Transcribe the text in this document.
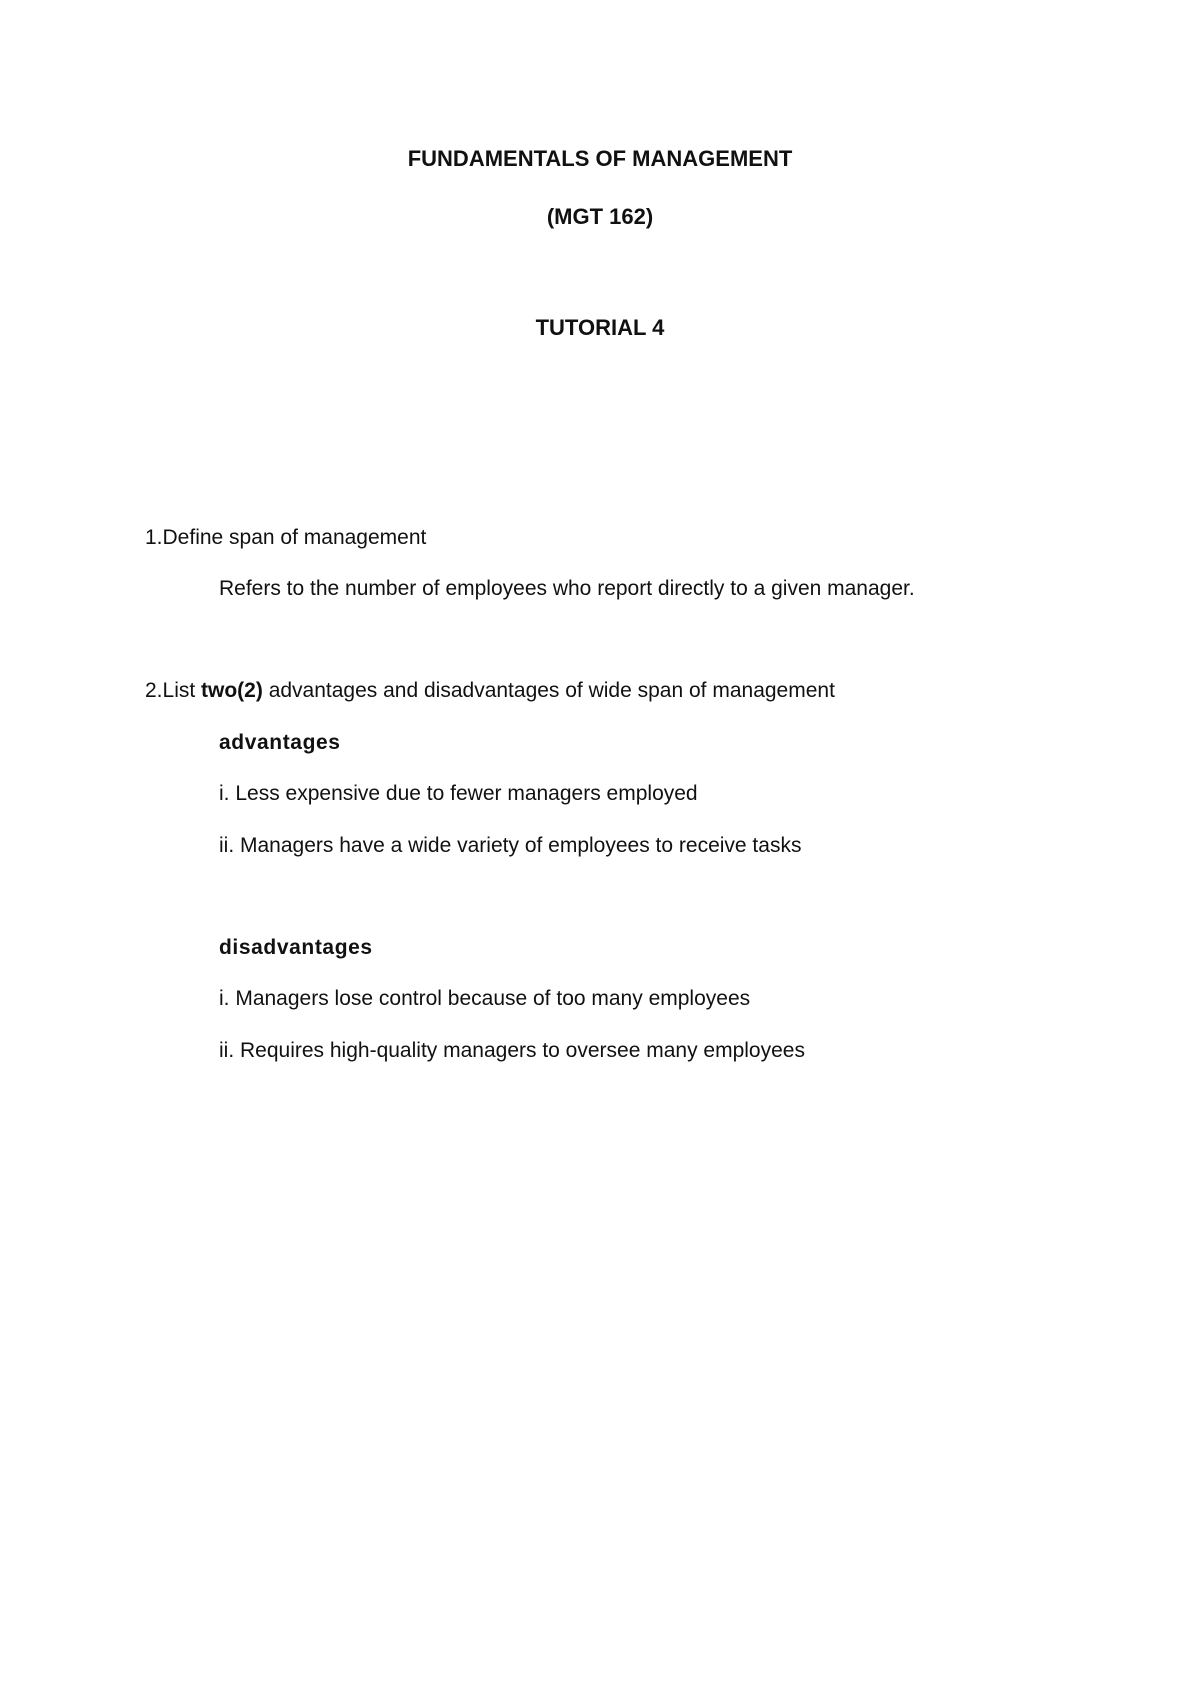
FUNDAMENTALS OF MANAGEMENT
(MGT 162)
TUTORIAL 4
1.Define span of management
Refers to the number of employees who report directly to a given manager.
2.List two(2) advantages and disadvantages of wide span of management
advantages
i. Less expensive due to fewer managers employed
ii. Managers have a wide variety of employees to receive tasks
disadvantages
i. Managers lose control because of too many employees
ii. Requires high-quality managers to oversee many employees
